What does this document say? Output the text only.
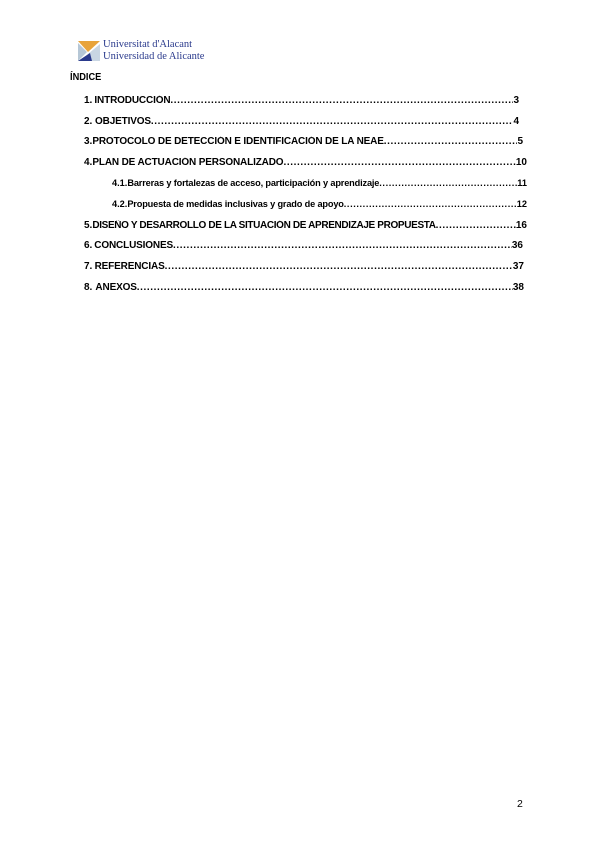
Universitat d'Alacant
Universidad de Alicante
ÍNDICE
1. INTRODUCCIÓN .....	3
2. OBJETIVOS .....	4
3. PROTOCOLO DE DETECCIÓN E IDENTIFICACIÓN DE LA NEAE .....	5
4. PLAN DE ACTUACIÓN PERSONALIZADO .....	10
4.1. Barreras y fortalezas de acceso, participación y aprendizaje .....	11
4.2. Propuesta de medidas inclusivas y grado de apoyo .....	12
5. DISEÑO Y DESARROLLO DE LA SITUACIÓN DE APRENDIZAJE PROPUESTA .....	16
6. CONCLUSIONES .....	36
7. REFERENCIAS .....	37
8. ANEXOS .....	38
2
